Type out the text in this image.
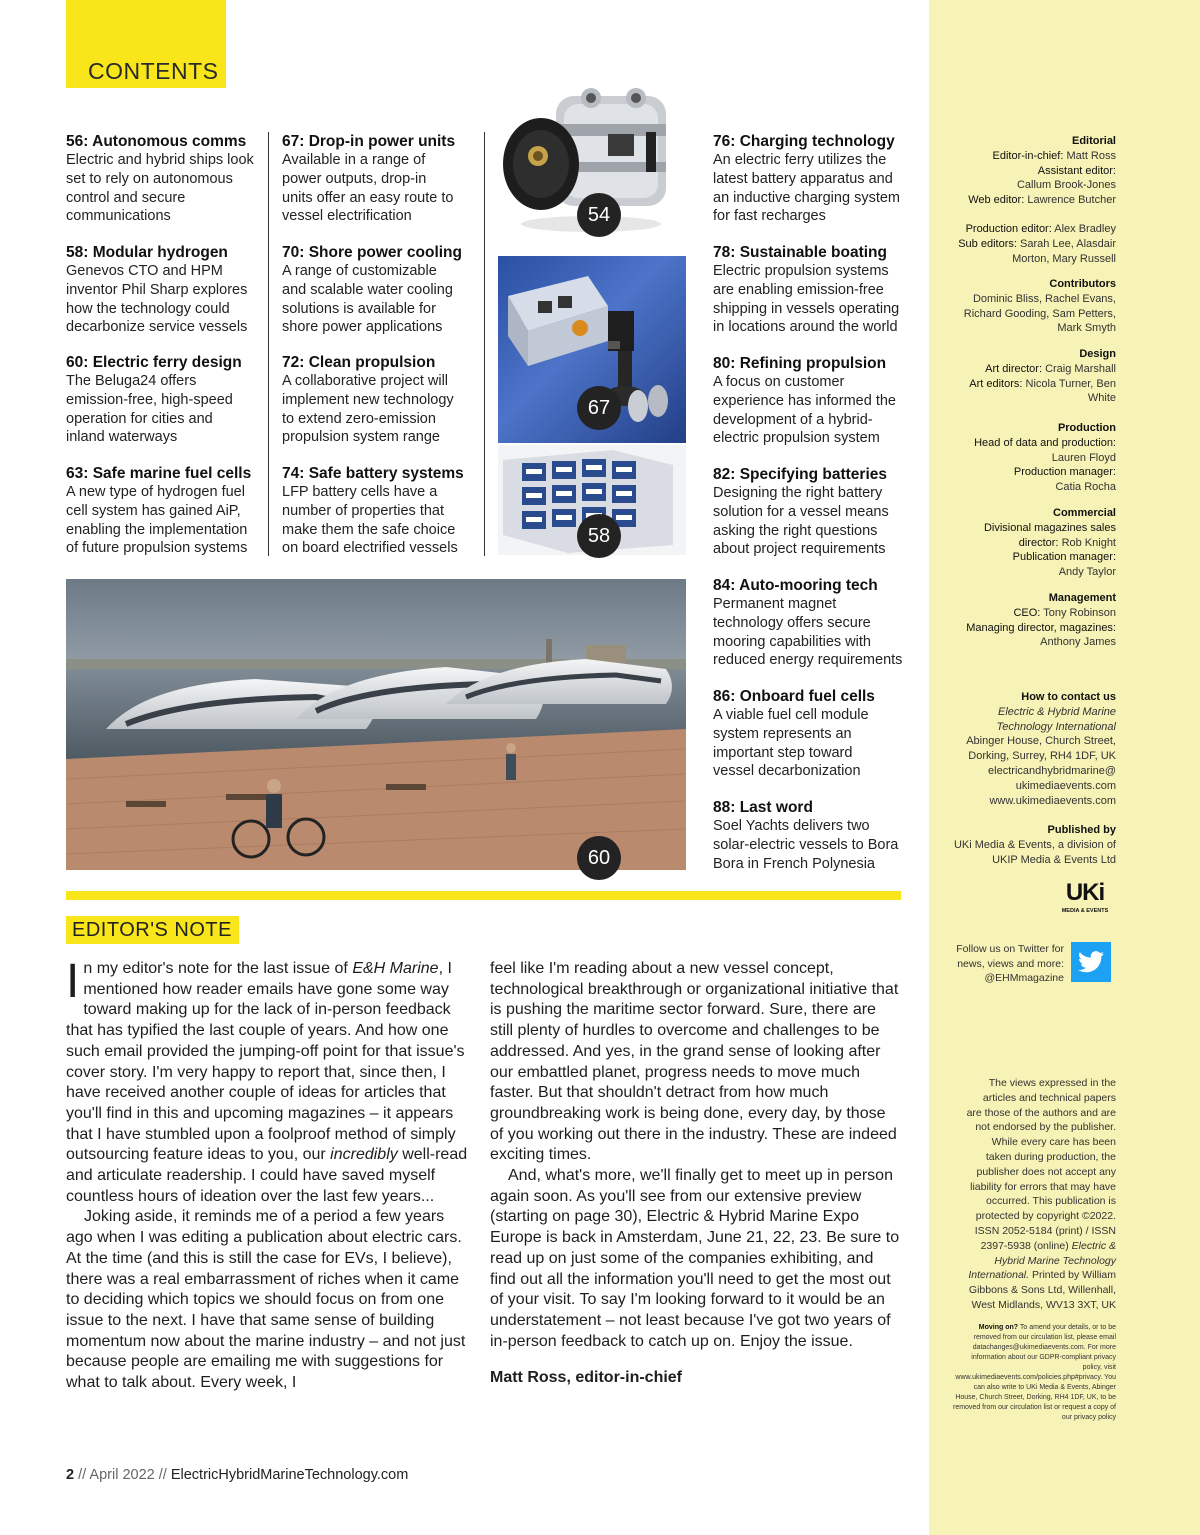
CONTENTS
56: Autonomous comms

Electric and hybrid ships look set to rely on autonomous control and secure communications

58: Modular hydrogen

Genevos CTO and HPM inventor Phil Sharp explores how the technology could decarbonize service vessels

60: Electric ferry design

The Beluga24 offers emission-free, high-speed operation for cities and inland waterways

63: Safe marine fuel cells

A new type of hydrogen fuel cell system has gained AiP, enabling the implementation of future propulsion systems

67: Drop-in power units

Available in a range of power outputs, drop-in units offer an easy route to vessel electrification

70: Shore power cooling

A range of customizable and scalable water cooling solutions is available for shore power applications

72: Clean propulsion

A collaborative project will implement new technology to extend zero-emission propulsion system range

74: Safe battery systems

LFP battery cells have a number of properties that make them the safe choice on board electrified vessels

54
67
58
60
76: Charging technology

An electric ferry utilizes the latest battery apparatus and an inductive charging system for fast recharges

78: Sustainable boating

Electric propulsion systems are enabling emission-free shipping in vessels operating in locations around the world

80: Refining propulsion

A focus on customer experience has informed the development of a hybrid-electric propulsion system

82: Specifying batteries

Designing the right battery solution for a vessel means asking the right questions about project requirements

84: Auto-mooring tech

Permanent magnet technology offers secure mooring capabilities with reduced energy requirements

86: Onboard fuel cells

A viable fuel cell module system represents an important step toward vessel decarbonization

88: Last word

Soel Yachts delivers two solar-electric vessels to Bora Bora in French Polynesia

EDITOR'S NOTE

In my editor's note for the last issue of E&H Marine, I mentioned how reader emails have gone some way toward making up for the lack of in-person feedback that has typified the last couple of years. And how one such email provided the jumping-off point for that issue's cover story. I'm very happy to report that, since then, I have received another couple of ideas for articles that you'll find in this and upcoming magazines – it appears that I have stumbled upon a foolproof method of simply outsourcing feature ideas to you, our incredibly well-read and articulate readership. I could have saved myself countless hours of ideation over the last few years...

Joking aside, it reminds me of a period a few years ago when I was editing a publication about electric cars. At the time (and this is still the case for EVs, I believe), there was a real embarrassment of riches when it came to deciding which topics we should focus on from one issue to the next. I have that same sense of building momentum now about the marine industry – and not just because people are emailing me with suggestions for what to talk about. Every week, I

feel like I'm reading about a new vessel concept, technological breakthrough or organizational initiative that is pushing the maritime sector forward. Sure, there are still plenty of hurdles to overcome and challenges to be addressed. And yes, in the grand sense of looking after our embattled planet, progress needs to move much faster. But that shouldn't detract from how much groundbreaking work is being done, every day, by those of you working out there in the industry. These are indeed exciting times.

And, what's more, we'll finally get to meet up in person again soon. As you'll see from our extensive preview (starting on page 30), Electric & Hybrid Marine Expo Europe is back in Amsterdam, June 21, 22, 23. Be sure to read up on just some of the companies exhibiting, and find out all the information you'll need to get the most out of your visit. To say I'm looking forward to it would be an understatement – not least because I've got two years of in-person feedback to catch up on. Enjoy the issue.

Matt Ross, editor-in-chief

Editorial
Editor-in-chief: Matt Ross
Assistant editor:
Callum Brook-Jones
Web editor: Lawrence Butcher
Production editor: Alex Bradley
Sub editors: Sarah Lee, Alasdair Morton, Mary Russell
Contributors
Dominic Bliss, Rachel Evans, Richard Gooding, Sam Petters, Mark Smyth
Design
Art director: Craig Marshall
Art editors: Nicola Turner, Ben White
Production
Head of data and production:
Lauren Floyd
Production manager:
Catia Rocha
Commercial
Divisional magazines sales director: Rob Knight
Publication manager:
Andy Taylor
Management
CEO: Tony Robinson
Managing director, magazines:
Anthony James
How to contact us
Electric & Hybrid Marine Technology International
Abinger House, Church Street, Dorking, Surrey, RH4 1DF, UK
electricandhybridmarine@ ukimediaevents.com
www.ukimediaevents.com
Published by
UKi Media & Events, a division of UKIP Media & Events Ltd
UKi
MEDIA & EVENTS
Follow us on Twitter for news, views and more: @EHMmagazine
The views expressed in the articles and technical papers are those of the authors and are not endorsed by the publisher. While every care has been taken during production, the publisher does not accept any liability for errors that may have occurred. This publication is protected by copyright ©2022. ISSN 2052-5184 (print) / ISSN 2397-5938 (online) Electric & Hybrid Marine Technology International. Printed by William Gibbons & Sons Ltd, Willenhall, West Midlands, WV13 3XT, UK
Moving on? To amend your details, or to be removed from our circulation list, please email datachanges@ukimediaevents.com. For more information about our GDPR-compliant privacy policy, visit www.ukimediaevents.com/policies.php#privacy. You can also write to UKi Media & Events, Abinger House, Church Street, Dorking, RH4 1DF, UK, to be removed from our circulation list or request a copy of our privacy policy
2 // April 2022 // ElectricHybridMarineTechnology.com
